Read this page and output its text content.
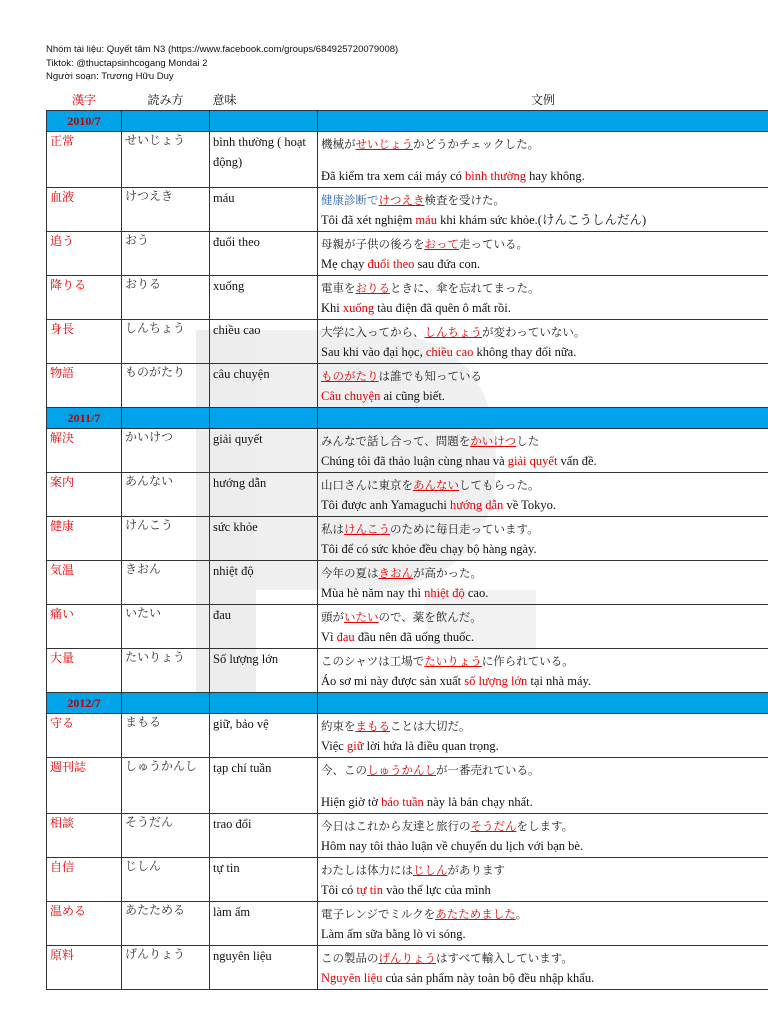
Nhóm tài liệu: Quyết tâm N3 (https://www.facebook.com/groups/684925720079008)
Tiktok: @thuctapsinhcogang Mondai 2
Người soạn: Trương Hữu Duy
漢字	読み方	意味	文例
2010/7			
正常	せいじょう	bình thường ( hoạt động)	機械がせいじょうかどうかチェックした。
Đã kiểm tra xem cái máy có bình thường hay không.

血液	けつえき	máu	健康診断でけつえき検査を受けた。
Tôi đã xét nghiệm máu khi khám sức khỏe.(けんこうしんだん)

追う	おう	đuổi theo	母親が子供の後ろをおって走っている。
Mẹ chạy đuổi theo sau đứa con.

降りる	おりる	xuống	電車をおりるときに、傘を忘れてまった。
Khi xuống tàu điện đã quên ô mất rồi.

身長	しんちょう	chiều cao	大学に入ってから、しんちょうが変わっていない。
Sau khi vào đại học, chiều cao không thay đổi nữa.

物語	ものがたり	câu chuyện	ものがたりは誰でも知っている
Câu chuyện ai cũng biết.

2011/7			
解決	かいけつ	giải quyết	みんなで話し合って、問題をかいけつした
Chúng tôi đã thảo luận cùng nhau và giải quyết vấn đề.

案内	あんない	hướng dẫn	山口さんに東京をあんないしてもらった。
Tôi được anh Yamaguchi hướng dẫn về Tokyo.

健康	けんこう	sức khỏe	私はけんこうのために毎日走っています。
Tôi để có sức khỏe đều chạy bộ hàng ngày.

気温	きおん	nhiệt độ	今年の夏はきおんが高かった。
Mùa hè năm nay thì nhiệt độ cao.

痛い	いたい	đau	頭がいたいので、薬を飲んだ。
Vì đau đầu nên đã uống thuốc.

大量	たいりょう	Số lượng lớn	このシャツは工場でたいりょうに作られている。
Áo sơ mi này được sản xuất số lượng lớn tại nhà máy.

2012/7			
守る	まもる	giữ, bảo vệ	約束をまもることは大切だ。
Việc giữ lời hứa là điều quan trọng.

週刊誌	しゅうかんし	tạp chí tuần	今、このしゅうかんしが一番売れている。
Hiện giờ tờ báo tuần này là bán chạy nhất.

相談	そうだん	trao đổi	今日はこれから友達と旅行のそうだんをします。
Hôm nay tôi thảo luận về chuyến du lịch với bạn bè.

自信	じしん	tự tin	わたしは体力にはじしんがあります
Tôi có tự tin vào thể lực của mình

温める	あたためる	làm ấm	電子レンジでミルクをあたためました。
Làm ấm sữa bằng lò vi sóng.

原料	げんりょう	nguyên liệu	この製品のげんりょうはすべて輸入しています。
Nguyên liệu của sản phẩm này toàn bộ đều nhập khẩu.
